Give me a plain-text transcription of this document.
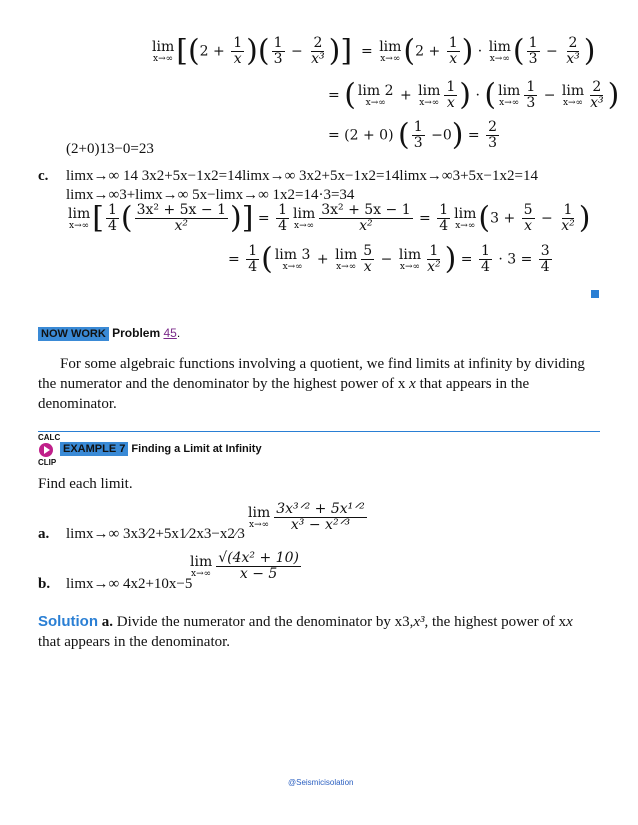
lim
x→∞ [($2 + \frac{1}{x}$ )( $\frac{1}{3} - \frac{2}{\text{x³}}$ )]  = lim
x→∞ ($2 + \frac{1}{x}$ ) · lim
x→∞ ( $\frac{1}{3} - \frac{2}{\text{x³}}$ )
= ( lim 2
x→∞ + lim
$x\to\infty \frac{1}{x}$ ) · ( lim
$x\to\infty \frac{1}{3} - \lim$
$x\to\infty \frac{2}{\text{x³}}$ )
= (2 + 0) ( $\frac{1}{3} -0) = \frac{2}{3}$
(2+0)13−0=23
c. limx→∞ 14 3x2+5x−1x2=14limx→∞ 3x2+5x−1x2=14limx→∞3+5x−1x2=14
limx→∞3+limx→∞ 5x−limx→∞ 1x2=14·3=34
lim
x→∞ [ $\frac{1}{4}$ ( $\frac{\text{3x² + 5x − 1}}{\text{x²}}$ )] = $\frac{1}{4}$ lim
$x\to\infty \frac{\text{3x² + 5x − 1}}{\text{x²}} = \frac{1}{4}$ lim
x→∞ ($3 + \frac{5}{x} - \frac{1}{\text{x²}}$ )
= $\frac{1}{4}$ ( lim 3
x→∞ + lim
$x\to\infty \frac{5}{x} - \lim$
$x\to\infty \frac{1}{\text{x²}}$ ) = $\frac{1}{4} \cdot 3 = \frac{3}{4}$
NOW WORK Problem 45.
For some algebraic functions involving a quotient, we find limits at infinity by dividing the numerator and the denominator by the highest power of x x that appears in the denominator.
CALC
CLIP
EXAMPLE 7 Finding a Limit at Infinity
Find each limit.
a. limx→∞ 3x3⁄2+5x1⁄2x3−x2⁄3
lim
$x\to\infty \frac{\text{3x³ᐟ² + 5x¹ᐟ²}}{\text{x³ − x²ᐟ³}}$
b. limx→∞ 4x2+10x−5
lim
$x\to\infty \frac{\text{√(4x² + 10)}}{x - 5}$
Solution a. Divide the numerator and the denominator by x3,x³, the highest power of xx
that appears in the denominator.
@Seismicisolation
